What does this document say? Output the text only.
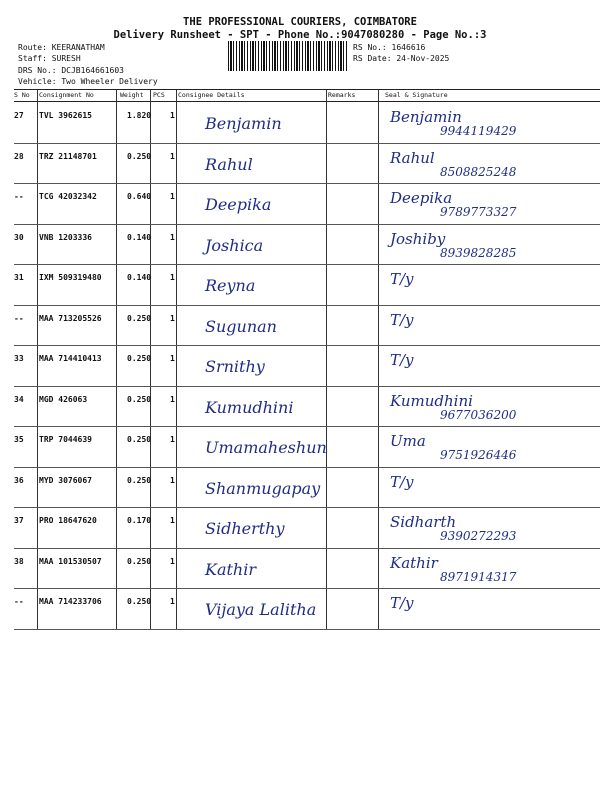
THE PROFESSIONAL COURIERS, COIMBATORE
Delivery Runsheet - SPT - Phone No.:9047080280 - Page No.:3
Route: KEERANATHAM
Staff: SURESH
DRS No.: DCJB164661603
Vehicle: Two Wheeler Delivery
RS No.: 1646616
RS Date: 24-Nov-2025
S No Consignment No	Weight PCS Consignee Details	Remarks	Seal & Signature
27 TVL 3962615	1.820 1 Benjamin	Benjamin
9944119429
28 TRZ 21148701	0.250 1 Rahul	Rahul
8508825248
-- TCG 42032342	0.640 1 Deepika	Deepika
9789773327
30 VNB 1203336	0.140 1 Joshica	Joshiby
8939828285
31 IXM 509319480	0.140 1 Reyna	T/y
-- MAA 713205526	0.250 1 Sugunan	T/y
33 MAA 714410413	0.250 1 Srnithy	T/y
34 MGD 426063	0.250 1 Kumudhini	Kumudhini
9677036200
35 TRP 7044639	0.250 1 Umamaheshun	Uma
9751926446
36 MYD 3076067	0.250 1 Shanmugapay	T/y
37 PRO 18647620	0.170 1 Sidherthy	Sidharth
9390272293
38 MAA 101530507	0.250 1 Kathir	Kathir
8971914317
-- MAA 714233706	0.250 1 Vijaya Lalitha	T/y
